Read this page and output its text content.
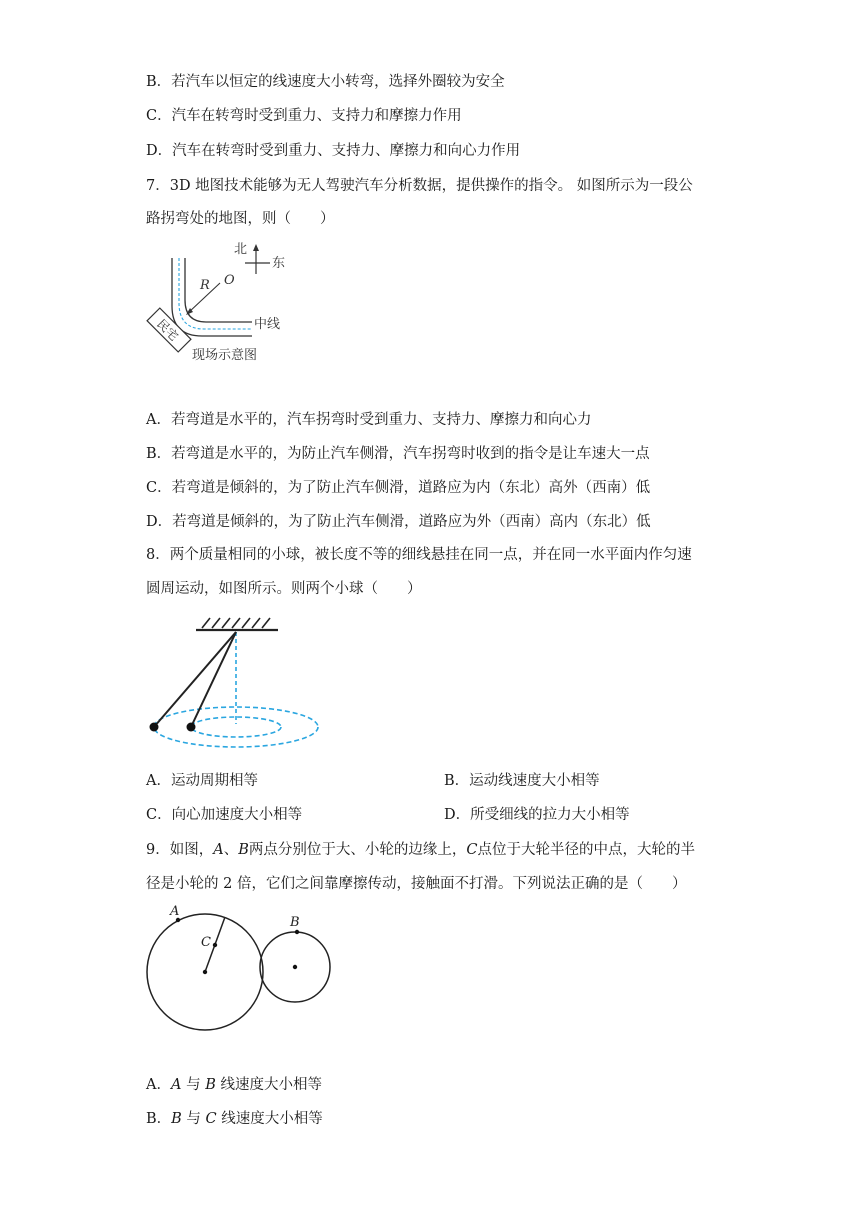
B．若汽车以恒定的线速度大小转弯，选择外圈较为安全
C．汽车在转弯时受到重力、支持力和摩擦力作用
D．汽车在转弯时受到重力、支持力、摩擦力和向心力作用
7．3D 地图技术能够为无人驾驶汽车分析数据，提供操作的指令。 如图所示为一段公
路拐弯处的地图，则（　　）
北
东
R O
中线
民宅
现场示意图
A．若弯道是水平的，汽车拐弯时受到重力、支持力、摩擦力和向心力
B．若弯道是水平的，为防止汽车侧滑，汽车拐弯时收到的指令是让车速大一点
C．若弯道是倾斜的，为了防止汽车侧滑，道路应为内（东北）高外（西南）低
D．若弯道是倾斜的，为了防止汽车侧滑，道路应为外（西南）高内（东北）低
8．两个质量相同的小球，被长度不等的细线悬挂在同一点，并在同一水平面内作匀速
圆周运动，如图所示。则两个小球（　　）
A．运动周期相等	B．运动线速度大小相等
C．向心加速度大小相等	D．所受细线的拉力大小相等
9．如图，A、B两点分别位于大、小轮的边缘上，C点位于大轮半径的中点，大轮的半
径是小轮的 2 倍，它们之间靠摩擦传动，接触面不打滑。下列说法正确的是（　　）
A
C
B
A．A 与 B 线速度大小相等
B．B 与 C 线速度大小相等
